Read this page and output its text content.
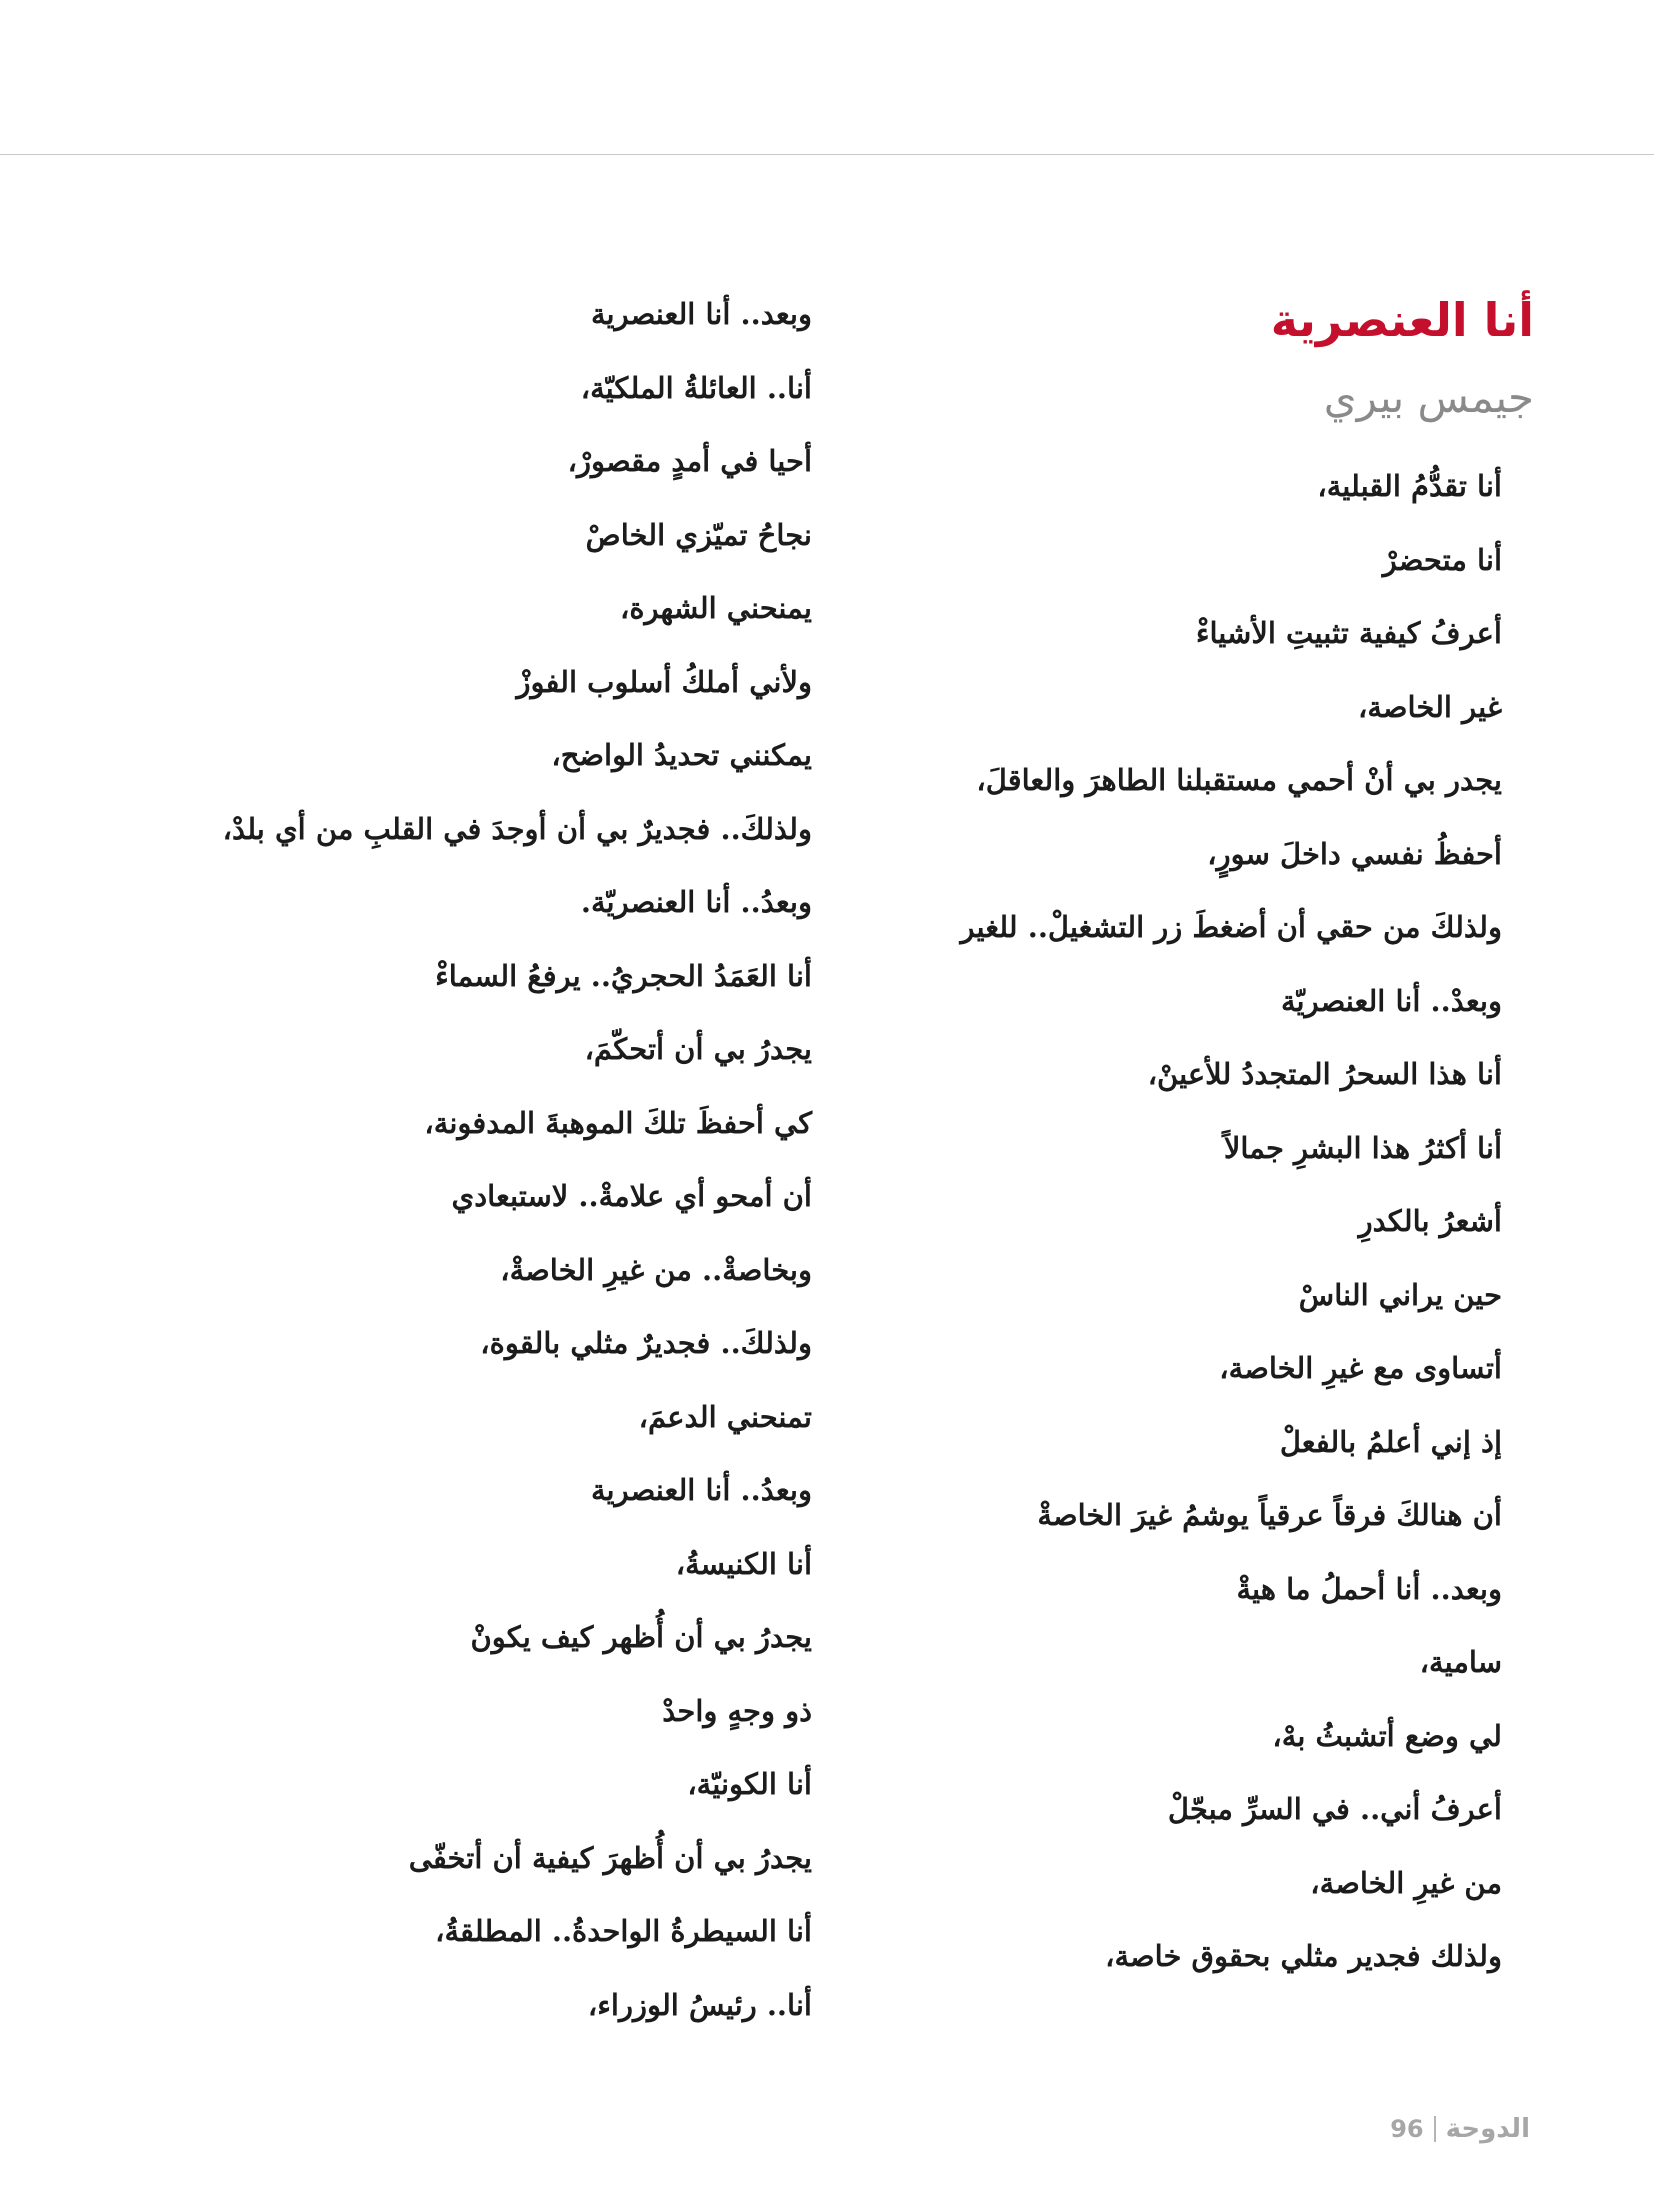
أنا العنصرية
جيمس بيري
أنا تقدُّمُ القبلية،
أنا متحضرْ
أعرفُ كيفية تثبيتِ الأشياءْ
غير الخاصة،
يجدر بي أنْ أحمي مستقبلنا الطاهرَ والعاقلَ،
أحفظُ نفسي داخلَ سورٍ،
ولذلكَ من حقي أن أضغطَ زر التشغيلْ.. للغير
وبعدْ.. أنا العنصريّة
أنا هذا السحرُ المتجددُ للأعينْ،
أنا أكثرُ هذا البشرِ جمالاً
أشعرُ بالكدرِ
حين يراني الناسْ
أتساوى مع غيرِ الخاصة،
إذ إني أعلمُ بالفعلْ
أن هنالكَ فرقاً عرقياً يوشمُ غيرَ الخاصةْ
وبعد.. أنا أحملُ ما هيةْ
سامية،
لي وضع أتشبثُ بهْ،
أعرفُ أني.. في السرِّ مبجّلْ
من غيرِ الخاصة،
ولذلك فجدير مثلي بحقوق خاصة،
وبعد.. أنا العنصرية
أنا.. العائلةُ الملكيّة،
أحيا في أمدٍ مقصورْ،
نجاحُ تميّزي الخاصْ
يمنحني الشهرة،
ولأني أملكُ أسلوب الفوزْ
يمكنني تحديدُ الواضح،
ولذلكَ.. فجديرٌ بي أن أوجدَ في القلبِ من أي بلدْ،
وبعدُ.. أنا العنصريّة.
أنا العَمَدُ الحجريُ.. يرفعُ السماءْ
يجدرُ بي أن أتحكّمَ،
كي أحفظَ تلكَ الموهبةَ المدفونة،
أن أمحو أي علامةْ.. لاستبعادي
وبخاصةْ.. من غيرِ الخاصةْ،
ولذلكَ.. فجديرٌ مثلي بالقوة،
تمنحني الدعمَ،
وبعدُ.. أنا العنصرية
أنا الكنيسةُ،
يجدرُ بي أن أُظهر كيف يكونْ
ذو وجهٍ واحدْ
أنا الكونيّة،
يجدرُ بي أن أُظهرَ كيفية أن أتخفّى
أنا السيطرةُ الواحدةُ.. المطلقةُ،
أنا.. رئيسُ الوزراء،
96 الدوحة
